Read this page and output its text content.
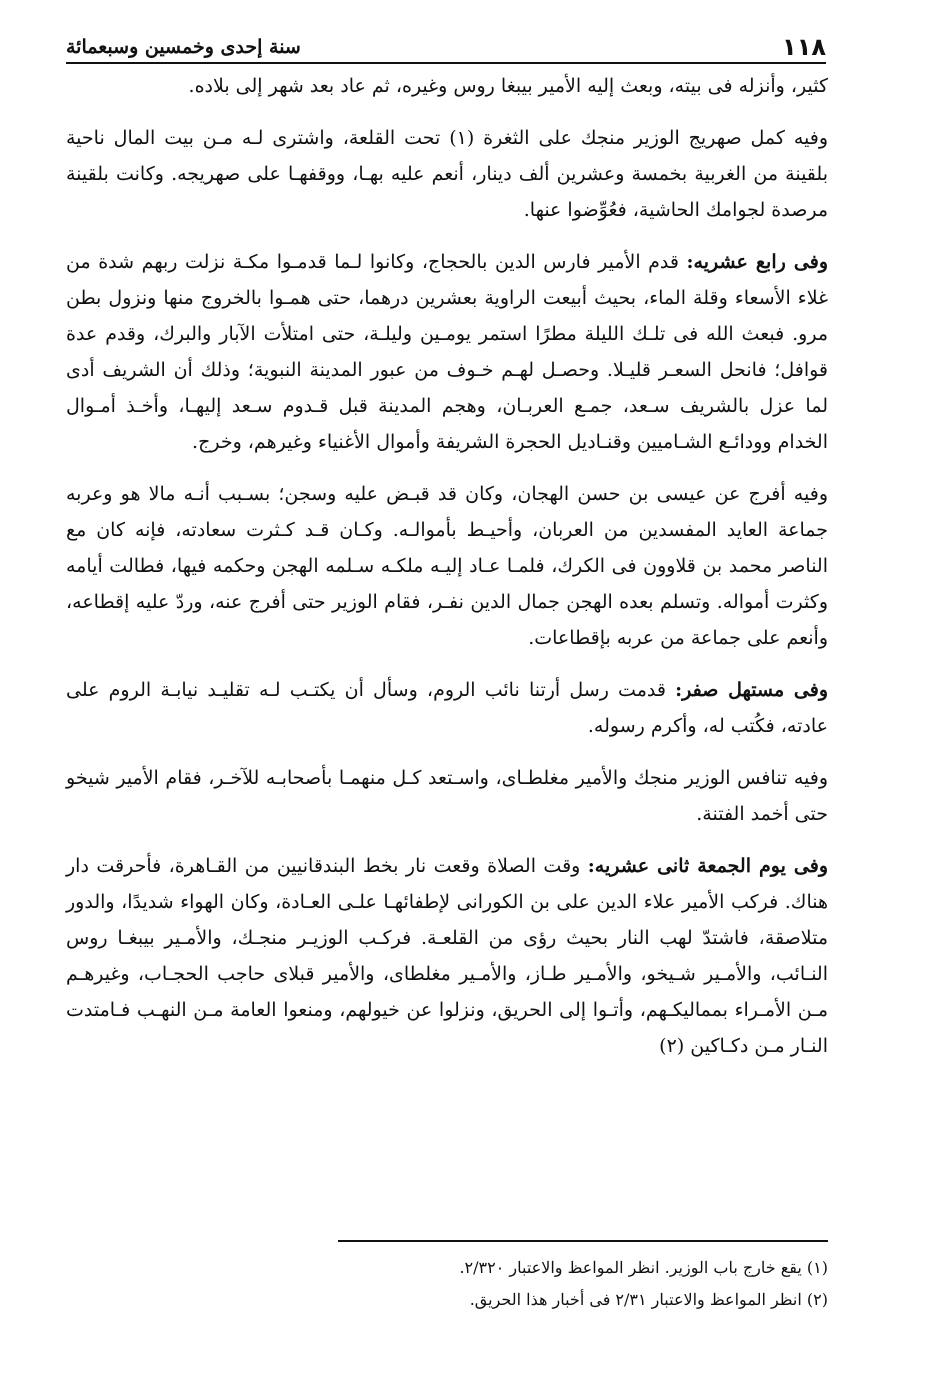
١١٨
سنة إحدى وخمسين وسبعمائة

كثير، وأنزله فى بيته، وبعث إليه الأمير بيبغا روس وغيره، ثم عاد بعد شهر إلى بلاده.

وفيه كمل صهريج الوزير منجك على الثغرة (١) تحت القلعة، واشترى لـه مـن بيت المال ناحية بلقينة من الغربية بخمسة وعشرين ألف دينار، أنعم عليه بهـا، ووقفهـا على صهريجه. وكانت بلقينة مرصدة لجوامك الحاشية، فعُوِّضوا عنها.

وفى رابع عشريه: قدم الأمير فارس الدين بالحجاج، وكانوا لـما قدمـوا مكـة نزلت ربهم شدة من غلاء الأسعاء وقلة الماء، بحيث أبيعت الراوية بعشرين درهما، حتى همـوا بالخروج منها ونزول بطن مرو. فبعث الله فى تلـك الليلة مطرًا استمر يومـين وليلـة، حتى امتلأت الآبار والبرك، وقدم عدة قوافل؛ فانحل السعـر قليـلا. وحصـل لهـم خـوف من عبور المدينة النبوية؛ وذلك أن الشريف أدى لما عزل بالشريف سـعد، جمـع العربـان، وهجم المدينة قبل قـدوم سـعد إليهـا، وأخـذ أمـوال الخدام وودائـع الشـاميين وقنـاديل الحجرة الشريفة وأموال الأغنياء وغيرهم، وخرج.

وفيه أفرج عن عيسى بن حسن الهجان، وكان قد قبـض عليه وسجن؛ بسـبب أنـه مالا هو وعربه جماعة العايد المفسدين من العربان، وأحيـط بأموالـه. وكـان قـد كـثرت سعادته، فإنه كان مع الناصر محمد بن قلاوون فى الكرك، فلمـا عـاد إليـه ملكـه سـلمه الهجن وحكمه فيها، فطالت أيامه وكثرت أمواله. وتسلم بعده الهجن جمال الدين نفـر، فقام الوزير حتى أفرج عنه، وردّ عليه إقطاعه، وأنعم على جماعة من عربه بإقطاعات.

وفى مستهل صفر: قدمت رسل أرتنا نائب الروم، وسأل أن يكتـب لـه تقليـد نيابـة الروم على عادته، فكُتب له، وأكرم رسوله.

وفيه تنافس الوزير منجك والأمير مغلطـاى، واسـتعد كـل منهمـا بأصحابـه للآخـر، فقام الأمير شيخو حتى أخمد الفتنة.

وفى يوم الجمعة ثانى عشريه: وقت الصلاة وقعت نار بخط البندقانيين من القـاهرة، فأحرقت دار هناك. فركب الأمير علاء الدين على بن الكورانى لإطفائهـا علـى العـادة، وكان الهواء شديدًا، والدور متلاصقة، فاشتدّ لهب النار بحيث رؤى من القلعـة. فركـب الوزيـر منجـك، والأمـير بيبغـا روس النـائب، والأمـير شـيخو، والأمـير طـاز، والأمـير مغلطاى، والأمير قبلاى حاجب الحجـاب، وغيرهـم مـن الأمـراء بمماليكـهم، وأتـوا إلى الحريق، ونزلوا عن خيولهم، ومنعوا العامة مـن النهـب فـامتدت النـار مـن دكـاكين (٢)

(١) يقع خارج باب الوزير. انظر المواعظ والاعتبار ٢/٣٢٠.

(٢) انظر المواعظ والاعتبار ٢/٣١ فى أخبار هذا الحريق.
